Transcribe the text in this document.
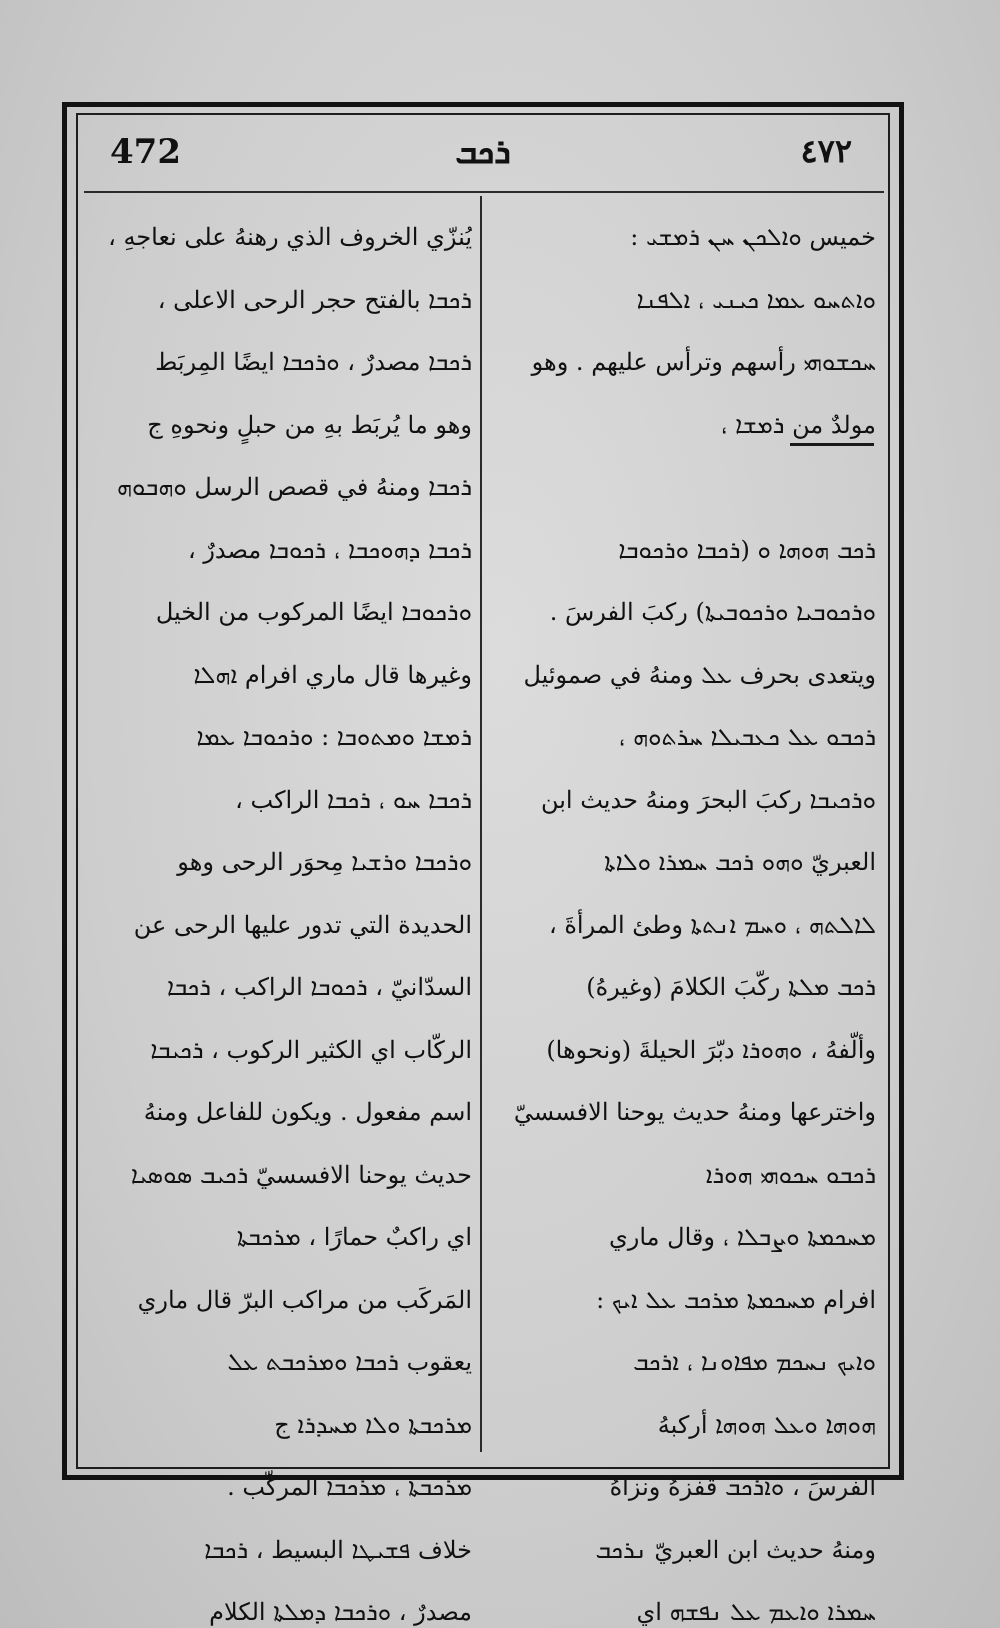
472	ܪܟܒ	٤٧٢
خميس ܘܐܠܟܢ ܚܢ ܪܡܫܝ :
ܘܐܬܚܘ ܥܡܐ ܟܝܢܝ ، ܐܠܦܢܐ
ܚܟܫܘܗܝ رأسهم وترأس عليهم . وهو
مولدٌ من ܪܡܫܐ ،
ܪܟܒ ܗܘܗܐ ܘ (ܪܟܒܐ ܘܪܟܘܒܐ
ܘܪܟܘܒܝܐ ܘܪܟܘܒܝܬܐ) ركبَ الفرسَ .
ويتعدى بحرف ܥܠ ومنهُ في صموئيل
ܪܟܒܘ ܥܠ ܟܥܒܝܠܐ ܚܪܬܘܗ ،
ܘܪܟܝܒܐ ركبَ البحرَ ومنهُ حديث ابن
العبريّ ܘܗܘ ܪܟܒ ܚܡܪܐ ܘܠܐܬܐ
ܠܐܠܬܗ ، ܘܚܡ ܐܢܬܬܐ وطئ المرأةَ ،
ܪܟܒ ܡܠܬܐ ركّبَ الكلامَ (وغيرهُ)
وألّفهُ ، ܘܗܘܪܐ دبّرَ الحيلةَ (ونحوها)
واخترعها ومنهُ حديث يوحنا الافسسيّ
ܪܟܒܘ ܚܟܘܗܝ ܗܘܪܐ
ܡܚܟܡܬܐ ܘܨܒܠܐ ، وقال ماري
افرام ܡܚܟܡܬܐ ܡܪܟܒ ܥܠ ܐܝܟ :
ܘܐܝܟ ܢܚܟܡ ܡܦܐܘܢܐ ، ܐܪܟܒ
ܗܘܗܐ ܘܥܠ ܗܘܗܐ أركبهُ
الفرسَ ، ܘܐܪܟܒ قفزهُ ونزاهُ
ومنهُ حديث ابن العبريّ ܢܪܟܒ
ܚܡܪܐ ܘܐܥܡ ܥܠ ܢܦܫܗ اي
يُنزّي الخروف الذي رهنهُ على نعاجهِ ،
ܪܟܒܐ بالفتح حجر الرحى الاعلى ،
ܪܟܒܐ مصدرٌ ، ܘܪܟܒܐ ايضًا المِربَط
وهو ما يُربَط بهِ من حبلٍ ونحوهِ ج
ܪܟܒܐ ومنهُ في قصص الرسل ܘܗܒܘܗ
ܪܟܒܐ ܕܗܘܟܒܐ ، ܪܟܘܒܐ مصدرٌ ،
ܘܪܟܘܒܐ ايضًا المركوب من الخيل
وغيرها قال ماري افرام ܐܗܠܐ
ܪܡܫܐ ܘܡܬܘܒܐ : ܘܪܟܘܒܐ ܥܡܐ
ܪܟܒܐ ܚܘ ، ܪܟܒܐ الراكب ،
ܘܪܟܒܐ ܘܪܫܝܐ مِحوَر الرحى وهو
الحديدة التي تدور عليها الرحى عن
السدّانيّ ، ܪܟܘܒܐ الراكب ، ܪܟܒܐ
الركّاب اي الكثير الركوب ، ܪܟܝܒܐ
اسم مفعول . ويكون للفاعل ومنهُ
حديث يوحنا الافسسيّ ܪܟܝܒ ܣܘܣܝܐ
اي راكبٌ حمارًا ، ܡܪܟܒܬܐ
المَركَب من مراكب البرّ قال ماري
يعقوب ܪܟܒܐ ܘܡܪܟܒܬ ܥܠ
ܡܪܟܒܬܐ ܘܠܐ ܡܚܕܪܐ ج
ܡܪܟܒܬܐ ، ܡܪܟܒܐ المركّب .
خلاف ܦܫܝܛܐ البسيط ، ܪܟܒܐ
مصدرٌ ، ܘܪܟܒܐ ܕܡܠܬܐ الكلام
